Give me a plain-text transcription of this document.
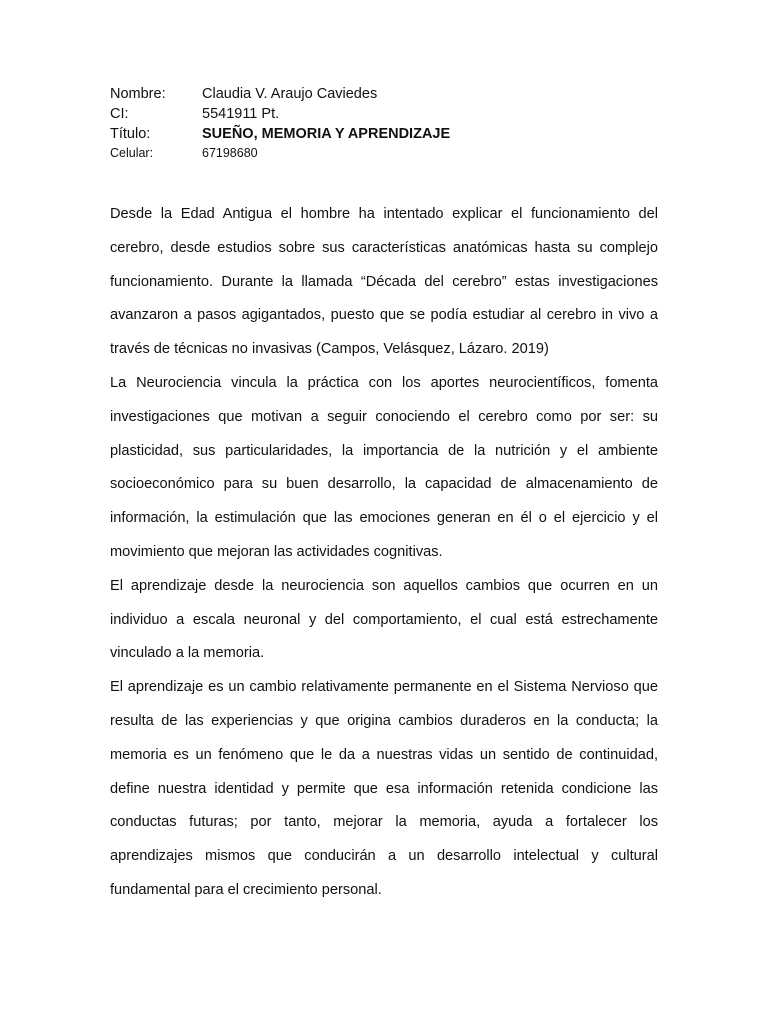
Nombre:	Claudia V. Araujo Caviedes
CI:	5541911 Pt.
Título:	SUEÑO, MEMORIA Y APRENDIZAJE
Celular:	67198680

Desde la Edad Antigua el hombre ha intentado explicar el funcionamiento del cerebro, desde estudios sobre sus características anatómicas hasta su complejo funcionamiento. Durante la llamada “Década del cerebro” estas investigaciones avanzaron a pasos agigantados, puesto que se podía estudiar al cerebro in vivo a través de técnicas no invasivas (Campos, Velásquez, Lázaro. 2019)

La Neurociencia vincula la práctica con los aportes neurocientíficos, fomenta investigaciones que motivan a seguir conociendo el cerebro como por ser: su plasticidad, sus particularidades, la importancia de la nutrición y el ambiente socioeconómico para su buen desarrollo, la capacidad de almacenamiento de información, la estimulación que las emociones generan en él o el ejercicio y el movimiento que mejoran las actividades cognitivas.

El aprendizaje desde la neurociencia son aquellos cambios que ocurren en un individuo a escala neuronal y del comportamiento, el cual está estrechamente vinculado a la memoria.

El aprendizaje es un cambio relativamente permanente en el Sistema Nervioso que resulta de las experiencias y que origina cambios duraderos en la conducta; la memoria es un fenómeno que le da a nuestras vidas un sentido de continuidad, define nuestra identidad y permite que esa información retenida condicione las conductas futuras; por tanto, mejorar la memoria, ayuda a fortalecer los aprendizajes mismos que conducirán a un desarrollo intelectual y cultural fundamental para el crecimiento personal.
